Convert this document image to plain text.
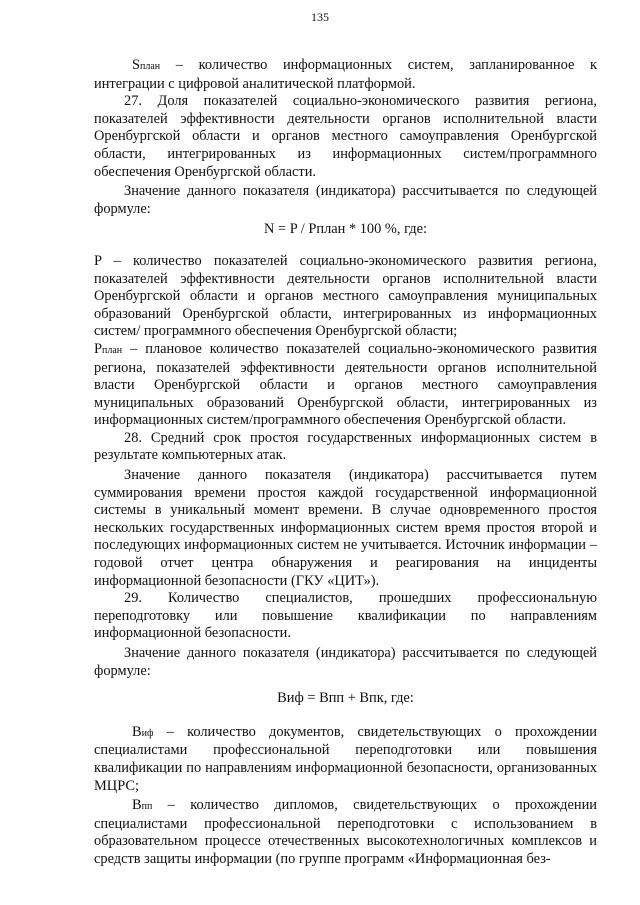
135

Sплан – количество информационных систем, запланированное к интеграции с цифровой аналитической платформой.

27. Доля показателей социально-экономического развития региона, показателей эффективности деятельности органов исполнительной власти Оренбургской области и органов местного самоуправления Оренбургской области, интегрированных из информационных систем/программного обеспечения Оренбургской области.

Значение данного показателя (индикатора) рассчитывается по следующей формуле:

N = P / Pплан * 100 %, где:

P – количество показателей социально-экономического развития региона, показателей эффективности деятельности органов исполнительной власти Оренбургской области и органов местного самоуправления муниципальных образований Оренбургской области, интегрированных из информационных систем/ программного обеспечения Оренбургской области;

Pплан – плановое количество показателей социально-экономического развития региона, показателей эффективности деятельности органов исполнительной власти Оренбургской области и органов местного самоуправления муниципальных образований Оренбургской области, интегрированных из информационных систем/программного обеспечения Оренбургской области.

28. Средний срок простоя государственных информационных систем в результате компьютерных атак.

Значение данного показателя (индикатора) рассчитывается путем суммирования времени простоя каждой государственной информационной системы в уникальный момент времени. В случае одновременного простоя нескольких государственных информационных систем время простоя второй и последующих информационных систем не учитывается. Источник информации – годовой отчет центра обнаружения и реагирования на инциденты информационной безопасности (ГКУ «ЦИТ»).

29. Количество специалистов, прошедших профессиональную переподготовку или повышение квалификации по направлениям информационной безопасности.

Значение данного показателя (индикатора) рассчитывается по следующей формуле:

Виф = Впп + Впк, где:

Виф – количество документов, свидетельствующих о прохождении специалистами профессиональной переподготовки или повышения квалификации по направлениям информационной безопасности, организованных МЦРС;

Впп – количество дипломов, свидетельствующих о прохождении специалистами профессиональной переподготовки с использованием в образовательном процессе отечественных высокотехнологичных комплексов и средств защиты информации (по группе программ «Информационная без-
